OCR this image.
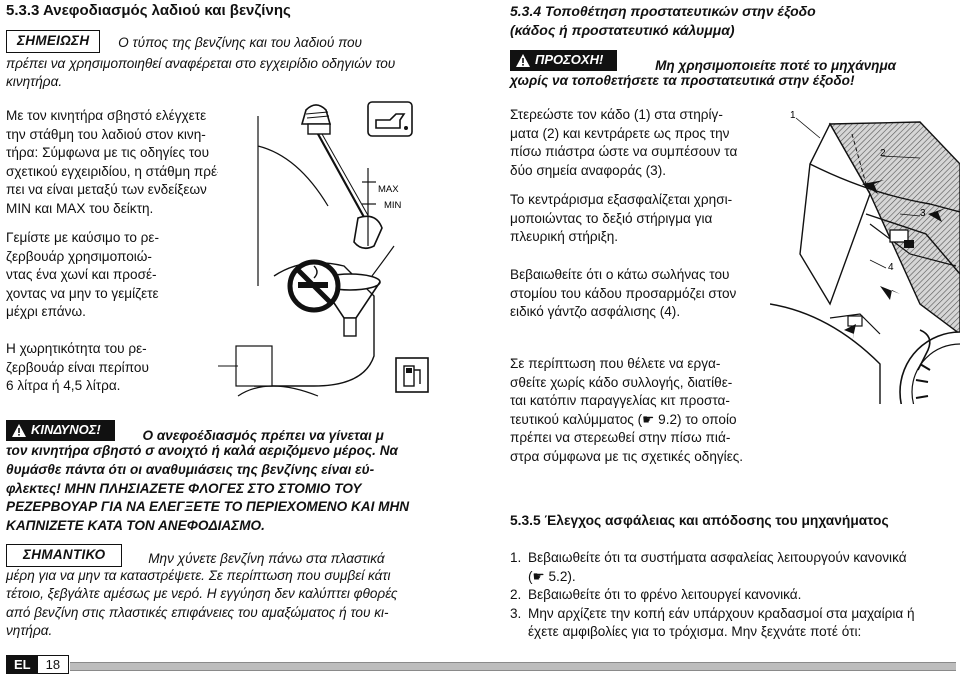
5.3.3 Ανεφοδιασμός λαδιού και βενζίνης
ΣΗΜΕΙΩΣΗ Ο τύπος της βενζίνης και του λαδιού που
πρέπει να χρησιμοποιηθεί αναφέρεται στο εγχειρίδιο οδηγιών του
κινητήρα.
Με τον κινητήρα σβηστό ελέγχετε
την στάθμη του λαδιού στον κινη-
τήρα: Σύμφωνα με τις οδηγίες του
σχετικού εγχειριδίου, η στάθμη πρέ-
πει να είναι μεταξύ των ενδείξεων
MIN και MAX του δείκτη.
Γεμίστε με καύσιμο το ρε-
ζερβουάρ χρησιμοποιώ-
ντας ένα χωνί και προσέ-
χοντας να μην το γεμίζετε
μέχρι επάνω.
Η χωρητικότητα του ρε-
ζερβουάρ είναι περίπου
6 λίτρα ή 4,5 λίτρα.
MAX
MIN
ΚΙΝΔΥΝΟΣ!	Ο ανεφοέδιασμός πρέπει να γίνεται μ
τον κινητήρα σβηστό σ ανοιχτό ή καλά αεριζόμενο μέρος. Να
θυμάσθε πάντα ότι οι αναθυμιάσεις της βενζίνης είναι εύ-
φλεκτες! ΜΗΝ ΠΛΗΣΙΑΖΕΤΕ ΦΛΟΓΕΣ ΣΤΟ ΣΤΟΜΙΟ ΤΟΥ
ΡΕΖΕΡΒΟΥΑΡ ΓΙΑ ΝΑ ΕΛΕΓΞΕΤΕ ΤΟ ΠΕΡΙΕΧΟΜΕΝΟ ΚΑΙ ΜΗΝ
ΚΑΠΝΙΖΕΤΕ ΚΑΤΑ ΤΟΝ ΑΝΕΦΟΔΙΑΣΜΟ.
ΣΗΜΑΝΤΙΚΟ	Μην χύνετε βενζίνη πάνω στα πλαστικά
μέρη για να μην τα καταστρέψετε. Σε περίπτωση που συμβεί κάτι
τέτοιο, ξεβγάλτε αμέσως με νερό. Η εγγύηση δεν καλύπτει φθορές
από βενζίνη στις πλαστικές επιφάνειες του αμαξώματος ή του κι-
νητήρα.
5.3.4 Τοποθέτηση προστατευτικών στην έξοδο
(κάδος ή προστατευτικό κάλυμμα)
ΠΡΟΣΟΧΗ!	Μη χρησιμοποιείτε ποτέ το μηχάνημα
χωρίς να τοποθετήσετε τα προστατευτικά στην έξοδο!
Στερεώστε τον κάδο (1) στα στηρίγ-
ματα (2) και κεντράρετε ως προς την
πίσω πιάστρα ώστε να συμπέσουν τα
δύο σημεία αναφοράς (3).
Το κεντράρισμα εξασφαλίζεται χρησι-
μοποιώντας το δεξιό στήριγμα για
πλευρική στήριξη.
Βεβαιωθείτε ότι ο κάτω σωλήνας του
στομίου του κάδου προσαρμόζει στον
ειδικό γάντζο ασφάλισης (4).
Σε περίπτωση που θέλετε να εργα-
σθείτε χωρίς κάδο συλλογής, διατίθε-
ται κατόπιν παραγγελίας κιτ προστα-
τευτικού καλύμματος (☛ 9.2) το οποίο
πρέπει να στερεωθεί στην πίσω πιά-
στρα σύμφωνα με τις σχετικές οδηγίες.
1
2
3
4
5.3.5 Έλεγχος ασφάλειας και απόδοσης του μηχανήματος
1. Βεβαιωθείτε ότι τα συστήματα ασφαλείας λειτουργούν κανονικά
(☛ 5.2).
2. Βεβαιωθείτε ότι το φρένο λειτουργεί κανονικά.
3. Μην αρχίζετε την κοπή εάν υπάρχουν κραδασμοί στα μαχαίρια ή
έχετε αμφιβολίες για το τρόχισμα. Μην ξεχνάτε ποτέ ότι:
EL	18
